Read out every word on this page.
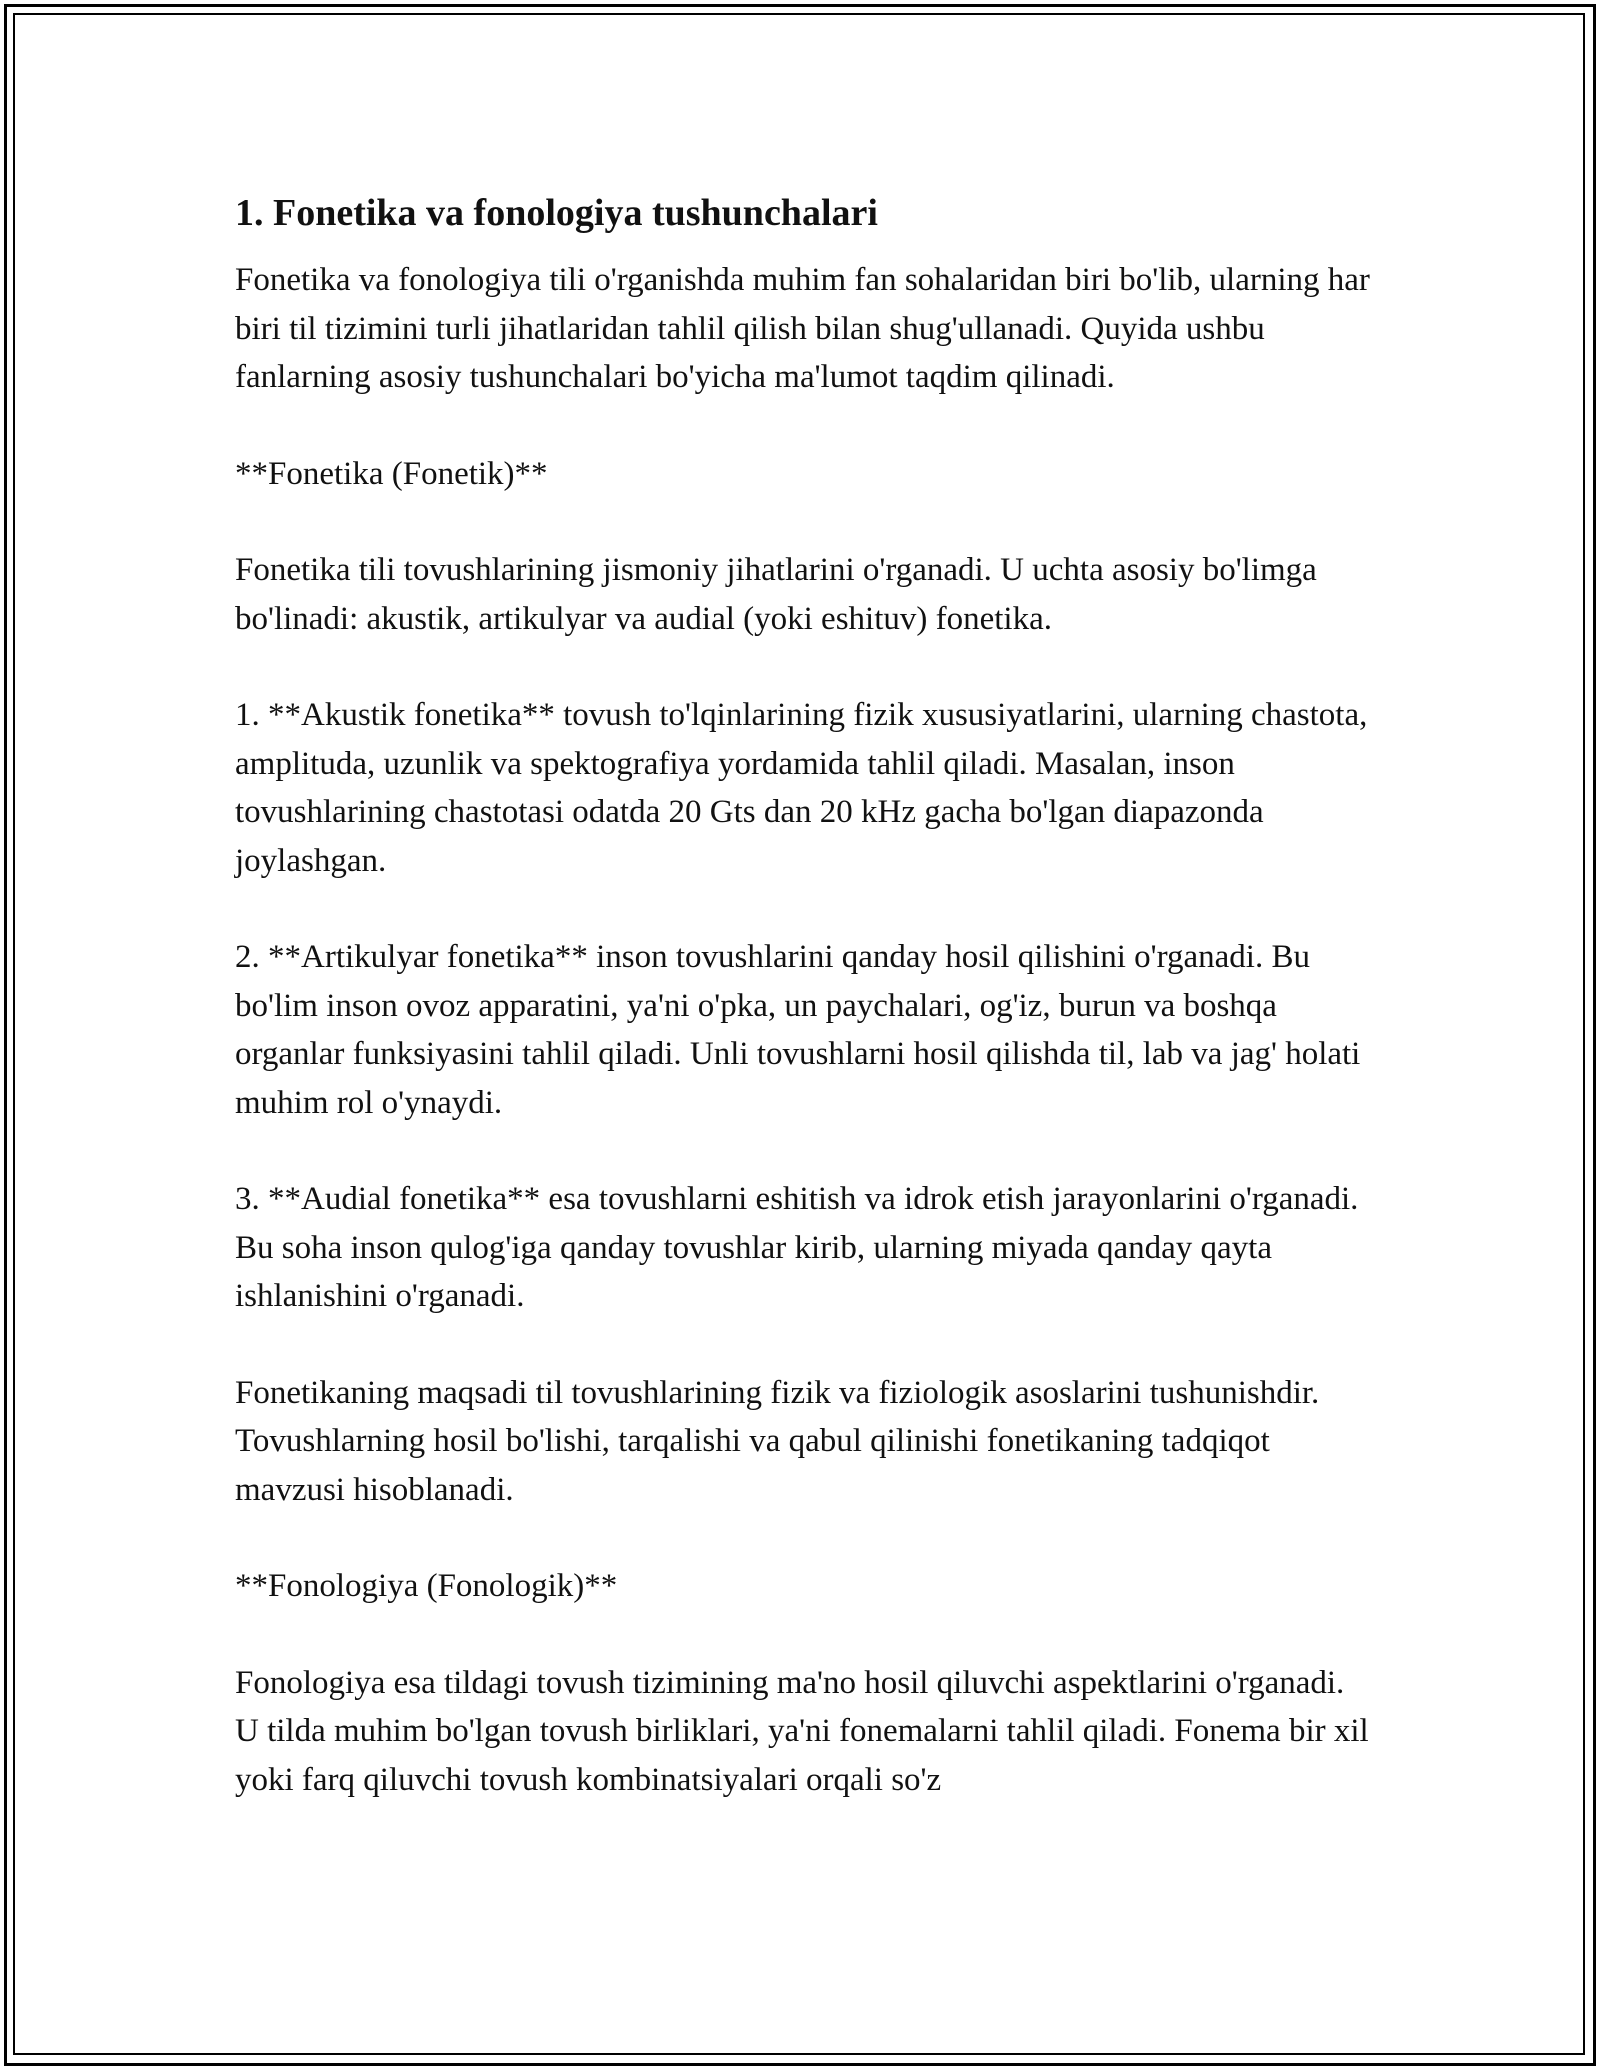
1. Fonetika va fonologiya tushunchalari

Fonetika va fonologiya tili o'rganishda muhim fan sohalaridan biri bo'lib, ularning har biri til tizimini turli jihatlaridan tahlil qilish bilan shug'ullanadi. Quyida ushbu fanlarning asosiy tushunchalari bo'yicha ma'lumot taqdim qilinadi.

**Fonetika (Fonetik)**

Fonetika tili tovushlarining jismoniy jihatlarini o'rganadi. U uchta asosiy bo'limga bo'linadi: akustik, artikulyar va audial (yoki eshituv) fonetika.

1. **Akustik fonetika** tovush to'lqinlarining fizik xususiyatlarini, ularning chastota, amplituda, uzunlik va spektografiya yordamida tahlil qiladi. Masalan, inson tovushlarining chastotasi odatda 20 Gts dan 20 kHz gacha bo'lgan diapazonda joylashgan.

2. **Artikulyar fonetika** inson tovushlarini qanday hosil qilishini o'rganadi. Bu bo'lim inson ovoz apparatini, ya'ni o'pka, un paychalari, og'iz, burun va boshqa organlar funksiyasini tahlil qiladi. Unli tovushlarni hosil qilishda til, lab va jag' holati muhim rol o'ynaydi.

3. **Audial fonetika** esa tovushlarni eshitish va idrok etish jarayonlarini o'rganadi. Bu soha inson qulog'iga qanday tovushlar kirib, ularning miyada qanday qayta ishlanishini o'rganadi.

Fonetikaning maqsadi til tovushlarining fizik va fiziologik asoslarini tushunishdir. Tovushlarning hosil bo'lishi, tarqalishi va qabul qilinishi fonetikaning tadqiqot mavzusi hisoblanadi.

**Fonologiya (Fonologik)**

Fonologiya esa tildagi tovush tizimining ma'no hosil qiluvchi aspektlarini o'rganadi. U tilda muhim bo'lgan tovush birliklari, ya'ni fonemalarni tahlil qiladi. Fonema bir xil yoki farq qiluvchi tovush kombinatsiyalari orqali so'z
